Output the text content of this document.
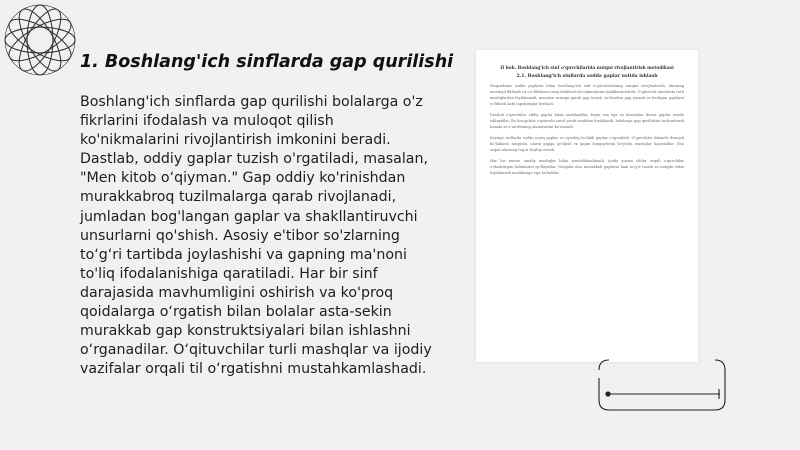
1. Boshlang'ich sinflarda gap qurilishi

Boshlang'ich sinflarda gap qurilishi bolalarga o'z fikrlarini ifodalash va muloqot qilish ko'nikmalarini rivojlantirish imkonini beradi. Dastlab, oddiy gaplar tuzish o'rgatiladi, masalan, "Men kitob o‘qiyman." Gap oddiy ko'rinishdan murakkabroq tuzilmalarga qarab rivojlanadi, jumladan bog'langan gaplar va shakllantiruvchi unsurlarni qo'shish. Asosiy e'tibor so'zlarning to‘g‘ri tartibda joylashishi va gapning ma'noni to'liq ifodalanishiga qaratiladi. Har bir sinf darajasida mavhumligini oshirish va ko'proq qoidalarga o‘rgatish bilan bolalar asta-sekin murakkab gap konstruktsiyalari bilan ishlashni o‘rganadilar. O‘qituvchilar turli mashqlar va ijodiy vazifalar orqali til o‘rgatishni mustahkamlashadi.

II bob. Boshlang'ich sinf o'quvchilarida nutqni rivojlantirish metodikasi
2.1. Boshlang'ich sinflarda sodda gaplar ustida ishlash

Maqsadimiz sodda gaplarni bilan boshlang'ich sinf o'quvchilarining nutqini rivojlantirish, ularning mustaqil fikrlash va o'z fikrlarini aniq ifodalash ko'nikmalarini shakllantirishdir. O'qituvchi darslarda turli mashqlardan foydalanadi, masalan rasmga qarab gap tuzish, so'zlardan gap yasash va berilgan gaplarni to'ldirish kabi topshiriqlar beriladi.

Dastlab o'quvchilar oddiy gaplar bilan tanishadilar, keyin esa ega va kesimdan iborat gaplar ustida ishlaydilar. Bu bosqichda o'qituvchi savol-javob usulidan foydalanib, bolalarga gap qurilishini tushuntiradi hamda so'z tartibining ahamiyatini ko'rsatadi.

Keyingi sinflarda sodda yoyiq gaplar va uyushiq bo'lakli gaplar o'rganiladi. O'quvchilar ikkinchi darajali bo'laklarni aniqlash, ularni gapga qo'shish va gapni kengaytirish bo'yicha mashqlar bajaradilar. Shu orqali ularning lug'at boyligi ortadi.

Har bir mavzu amaliy mashqlar bilan mustahkamlanadi, ijodiy yozma ishlar orqali o'quvchilar o'zlashtirgan bilimlarini qo'llaydilar. Natijada ular murakkab gaplarni ham to'g'ri tuzish va nutqda erkin foydalanish malakasiga ega bo'ladilar.
